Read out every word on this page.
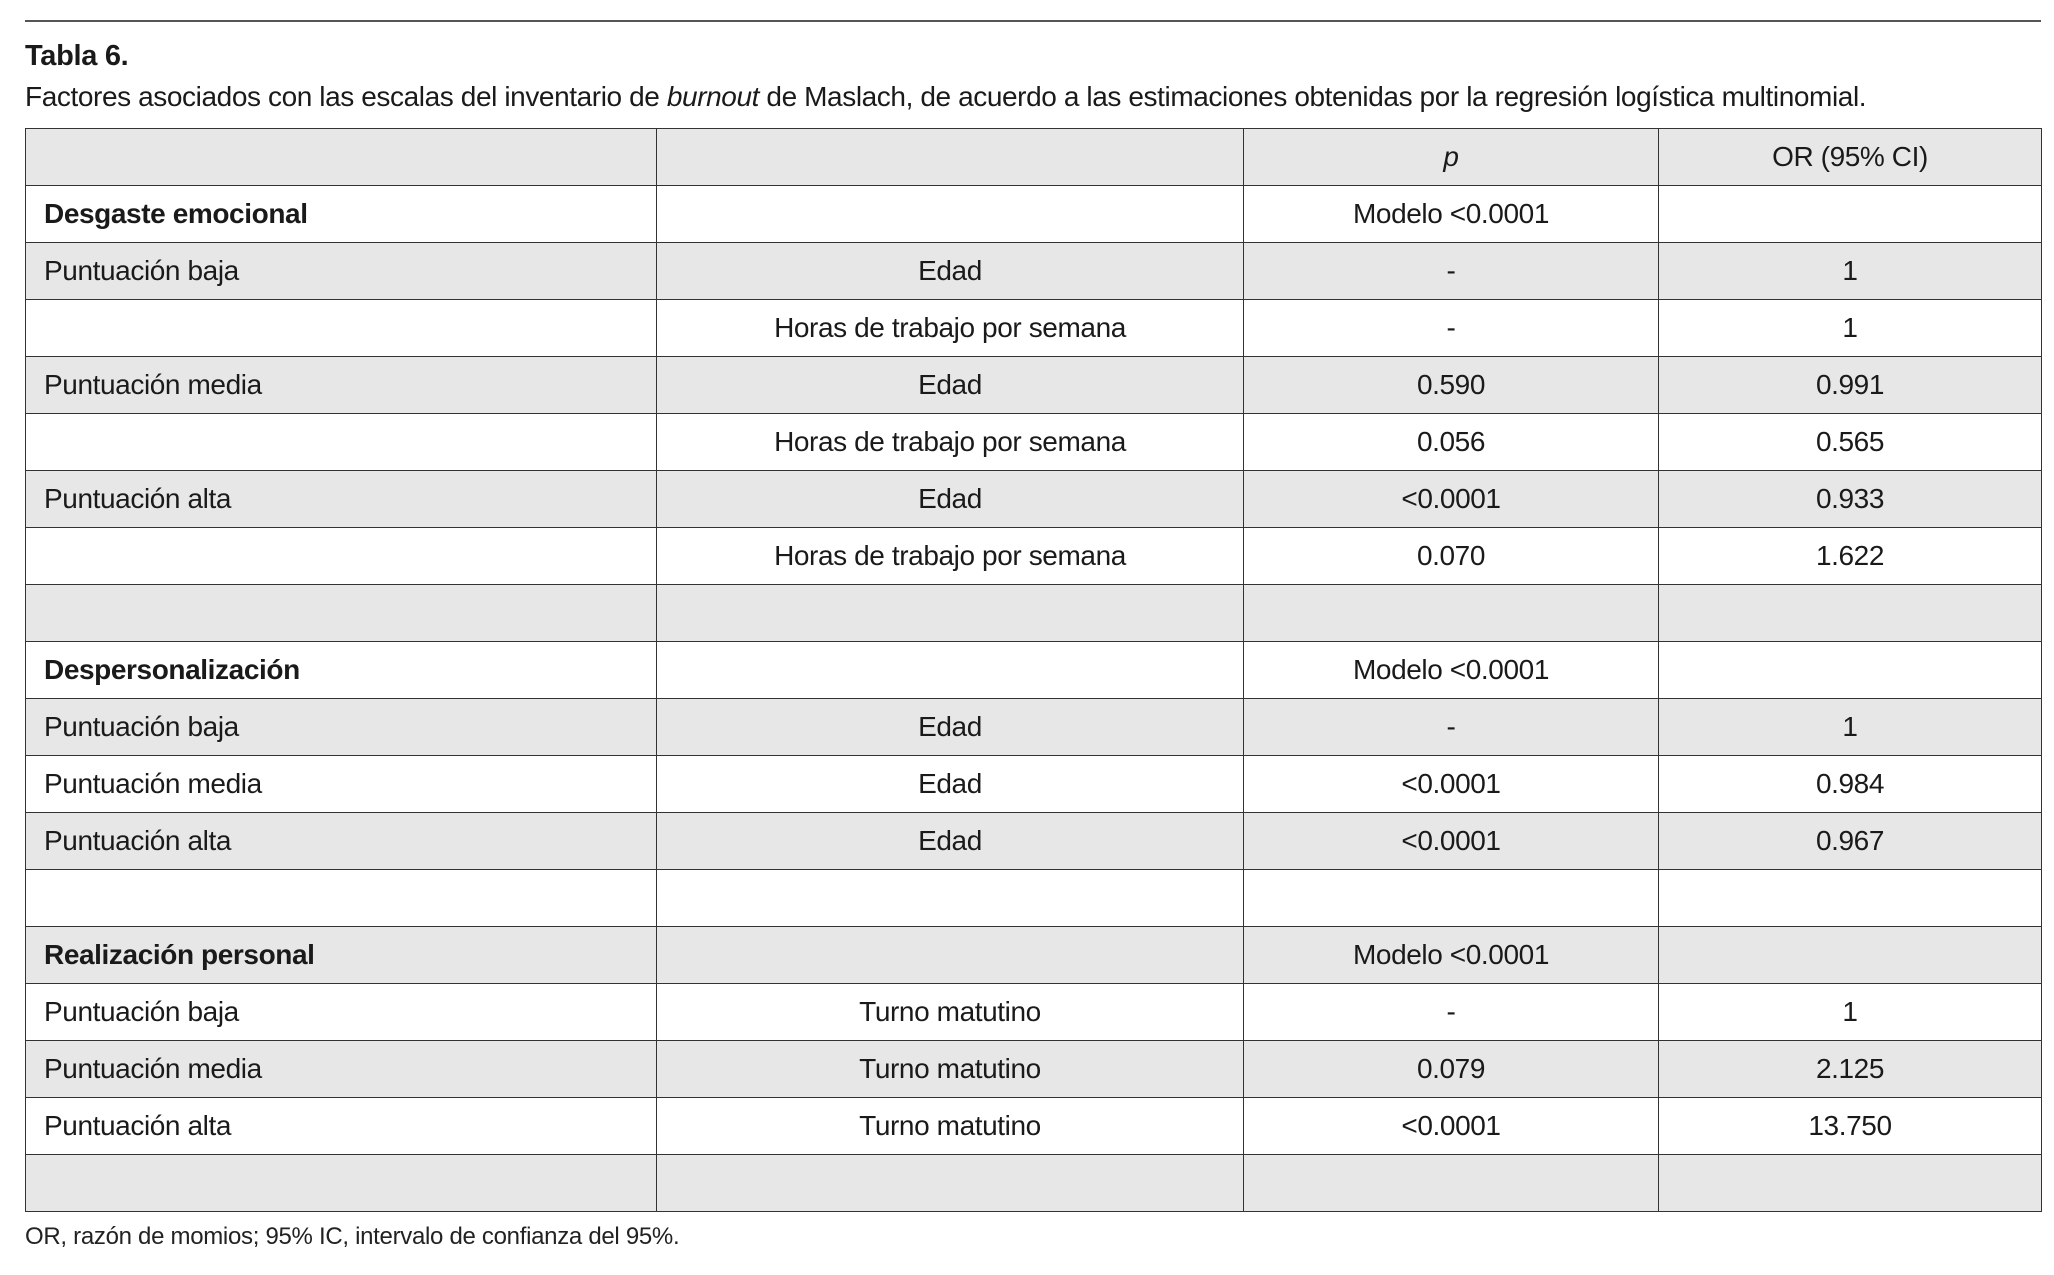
Tabla 6.
Factores asociados con las escalas del inventario de burnout de Maslach, de acuerdo a las estimaciones obtenidas por la regresión logística multinomial.
		p	OR (95% CI)
Desgaste emocional		Modelo <0.0001	
Puntuación baja	Edad	-	1
	Horas de trabajo por semana	-	1
Puntuación media	Edad	0.590	0.991
	Horas de trabajo por semana	0.056	0.565
Puntuación alta	Edad	<0.0001	0.933
	Horas de trabajo por semana	0.070	1.622

Despersonalización		Modelo <0.0001	
Puntuación baja	Edad	-	1
Puntuación media	Edad	<0.0001	0.984
Puntuación alta	Edad	<0.0001	0.967

Realización personal		Modelo <0.0001	
Puntuación baja	Turno matutino	-	1
Puntuación media	Turno matutino	0.079	2.125
Puntuación alta	Turno matutino	<0.0001	13.750

OR, razón de momios; 95% IC, intervalo de confianza del 95%.
